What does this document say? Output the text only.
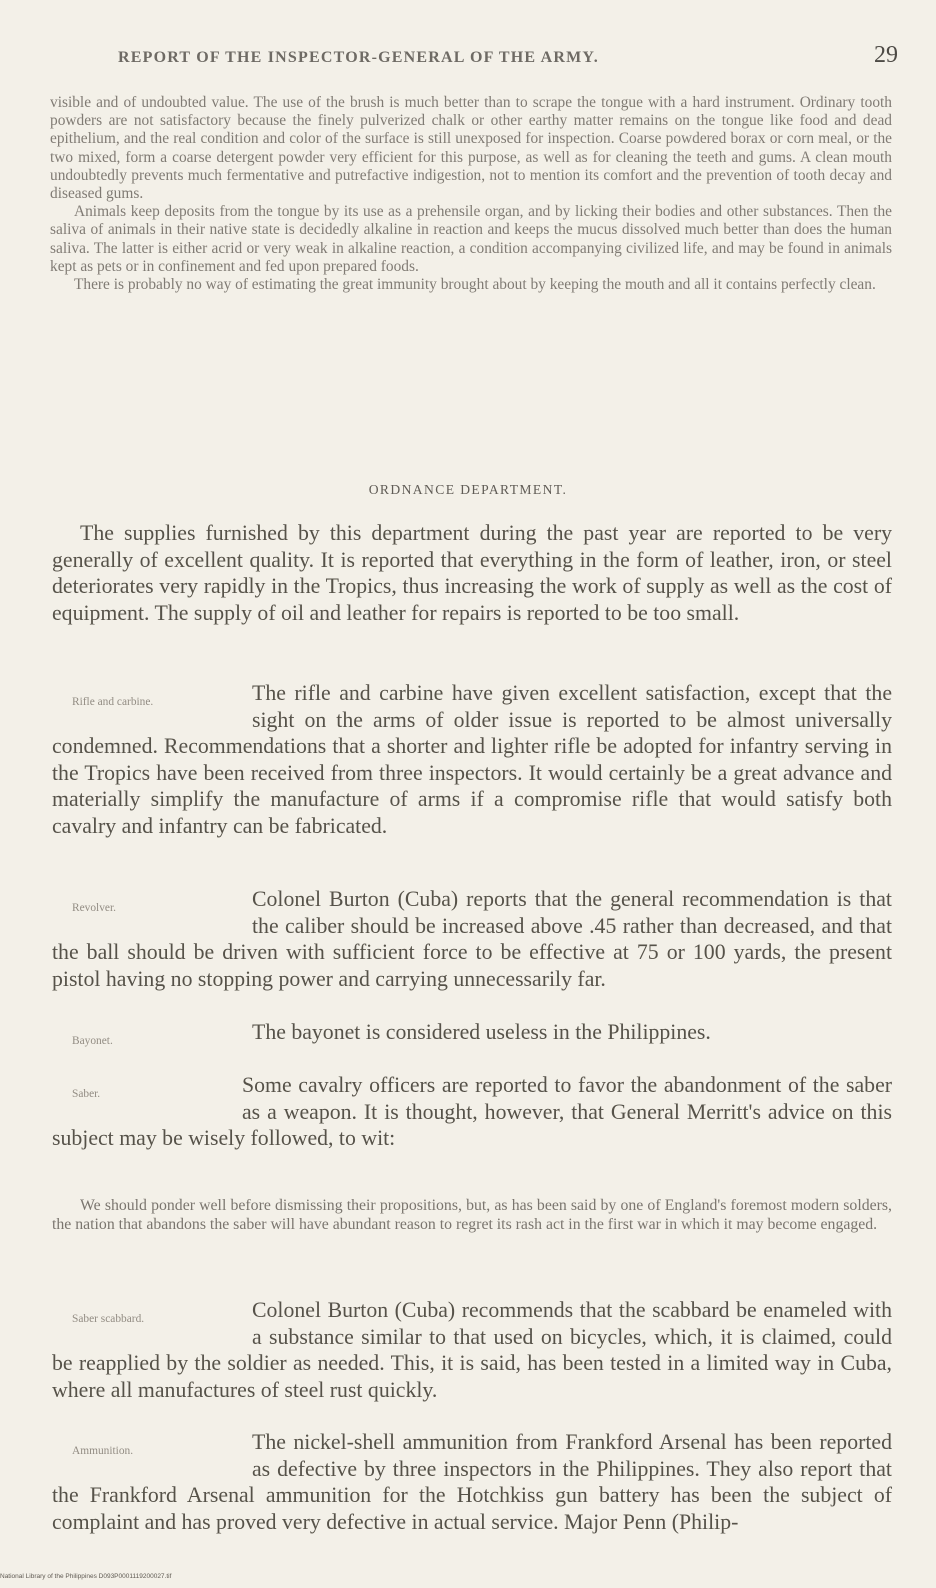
REPORT OF THE INSPECTOR-GENERAL OF THE ARMY.	29

visible and of undoubted value. The use of the brush is much better than to scrape the tongue with a hard instrument. Ordinary tooth powders are not satisfactory because the finely pulverized chalk or other earthy matter remains on the tongue like food and dead epithelium, and the real condition and color of the surface is still unexposed for inspection. Coarse powdered borax or corn meal, or the two mixed, form a coarse detergent powder very efficient for this purpose, as well as for cleaning the teeth and gums. A clean mouth undoubtedly prevents much fermentative and putrefactive indigestion, not to mention its comfort and the prevention of tooth decay and diseased gums.

Animals keep deposits from the tongue by its use as a prehensile organ, and by licking their bodies and other substances. Then the saliva of animals in their native state is decidedly alkaline in reaction and keeps the mucus dissolved much better than does the human saliva. The latter is either acrid or very weak in alkaline reaction, a condition accompanying civilized life, and may be found in animals kept as pets or in confinement and fed upon prepared foods.

There is probably no way of estimating the great immunity brought about by keeping the mouth and all it contains perfectly clean.

ORDNANCE DEPARTMENT.

The supplies furnished by this department during the past year are reported to be very generally of excellent quality. It is reported that everything in the form of leather, iron, or steel deteriorates very rapidly in the Tropics, thus increasing the work of supply as well as the cost of equipment. The supply of oil and leather for repairs is reported to be too small.

Rifle and carbine.	The rifle and carbine have given excellent satisfaction, except that the sight on the arms of older issue is reported to be almost universally condemned. Recommendations that a shorter and lighter rifle be adopted for infantry serving in the Tropics have been received from three inspectors. It would certainly be a great advance and materially simplify the manufacture of arms if a compromise rifle that would satisfy both cavalry and infantry can be fabricated.

Revolver.	Colonel Burton (Cuba) reports that the general recommendation is that the caliber should be increased above .45 rather than decreased, and that the ball should be driven with sufficient force to be effective at 75 or 100 yards, the present pistol having no stopping power and carrying unnecessarily far.

Bayonet.	The bayonet is considered useless in the Philippines.

Saber.	Some cavalry officers are reported to favor the abandonment of the saber as a weapon. It is thought, however, that General Merritt's advice on this subject may be wisely followed, to wit:

We should ponder well before dismissing their propositions, but, as has been said by one of England's foremost modern solders, the nation that abandons the saber will have abundant reason to regret its rash act in the first war in which it may become engaged.

Saber scabbard.	Colonel Burton (Cuba) recommends that the scabbard be enameled with a substance similar to that used on bicycles, which, it is claimed, could be reapplied by the soldier as needed. This, it is said, has been tested in a limited way in Cuba, where all manufactures of steel rust quickly.

Ammunition.	The nickel-shell ammunition from Frankford Arsenal has been reported as defective by three inspectors in the Philippines. They also report that the Frankford Arsenal ammunition for the Hotchkiss gun battery has been the subject of complaint and has proved very defective in actual service. Major Penn (Philip-

National Library of the Philippines D093P0001119200027.tif
